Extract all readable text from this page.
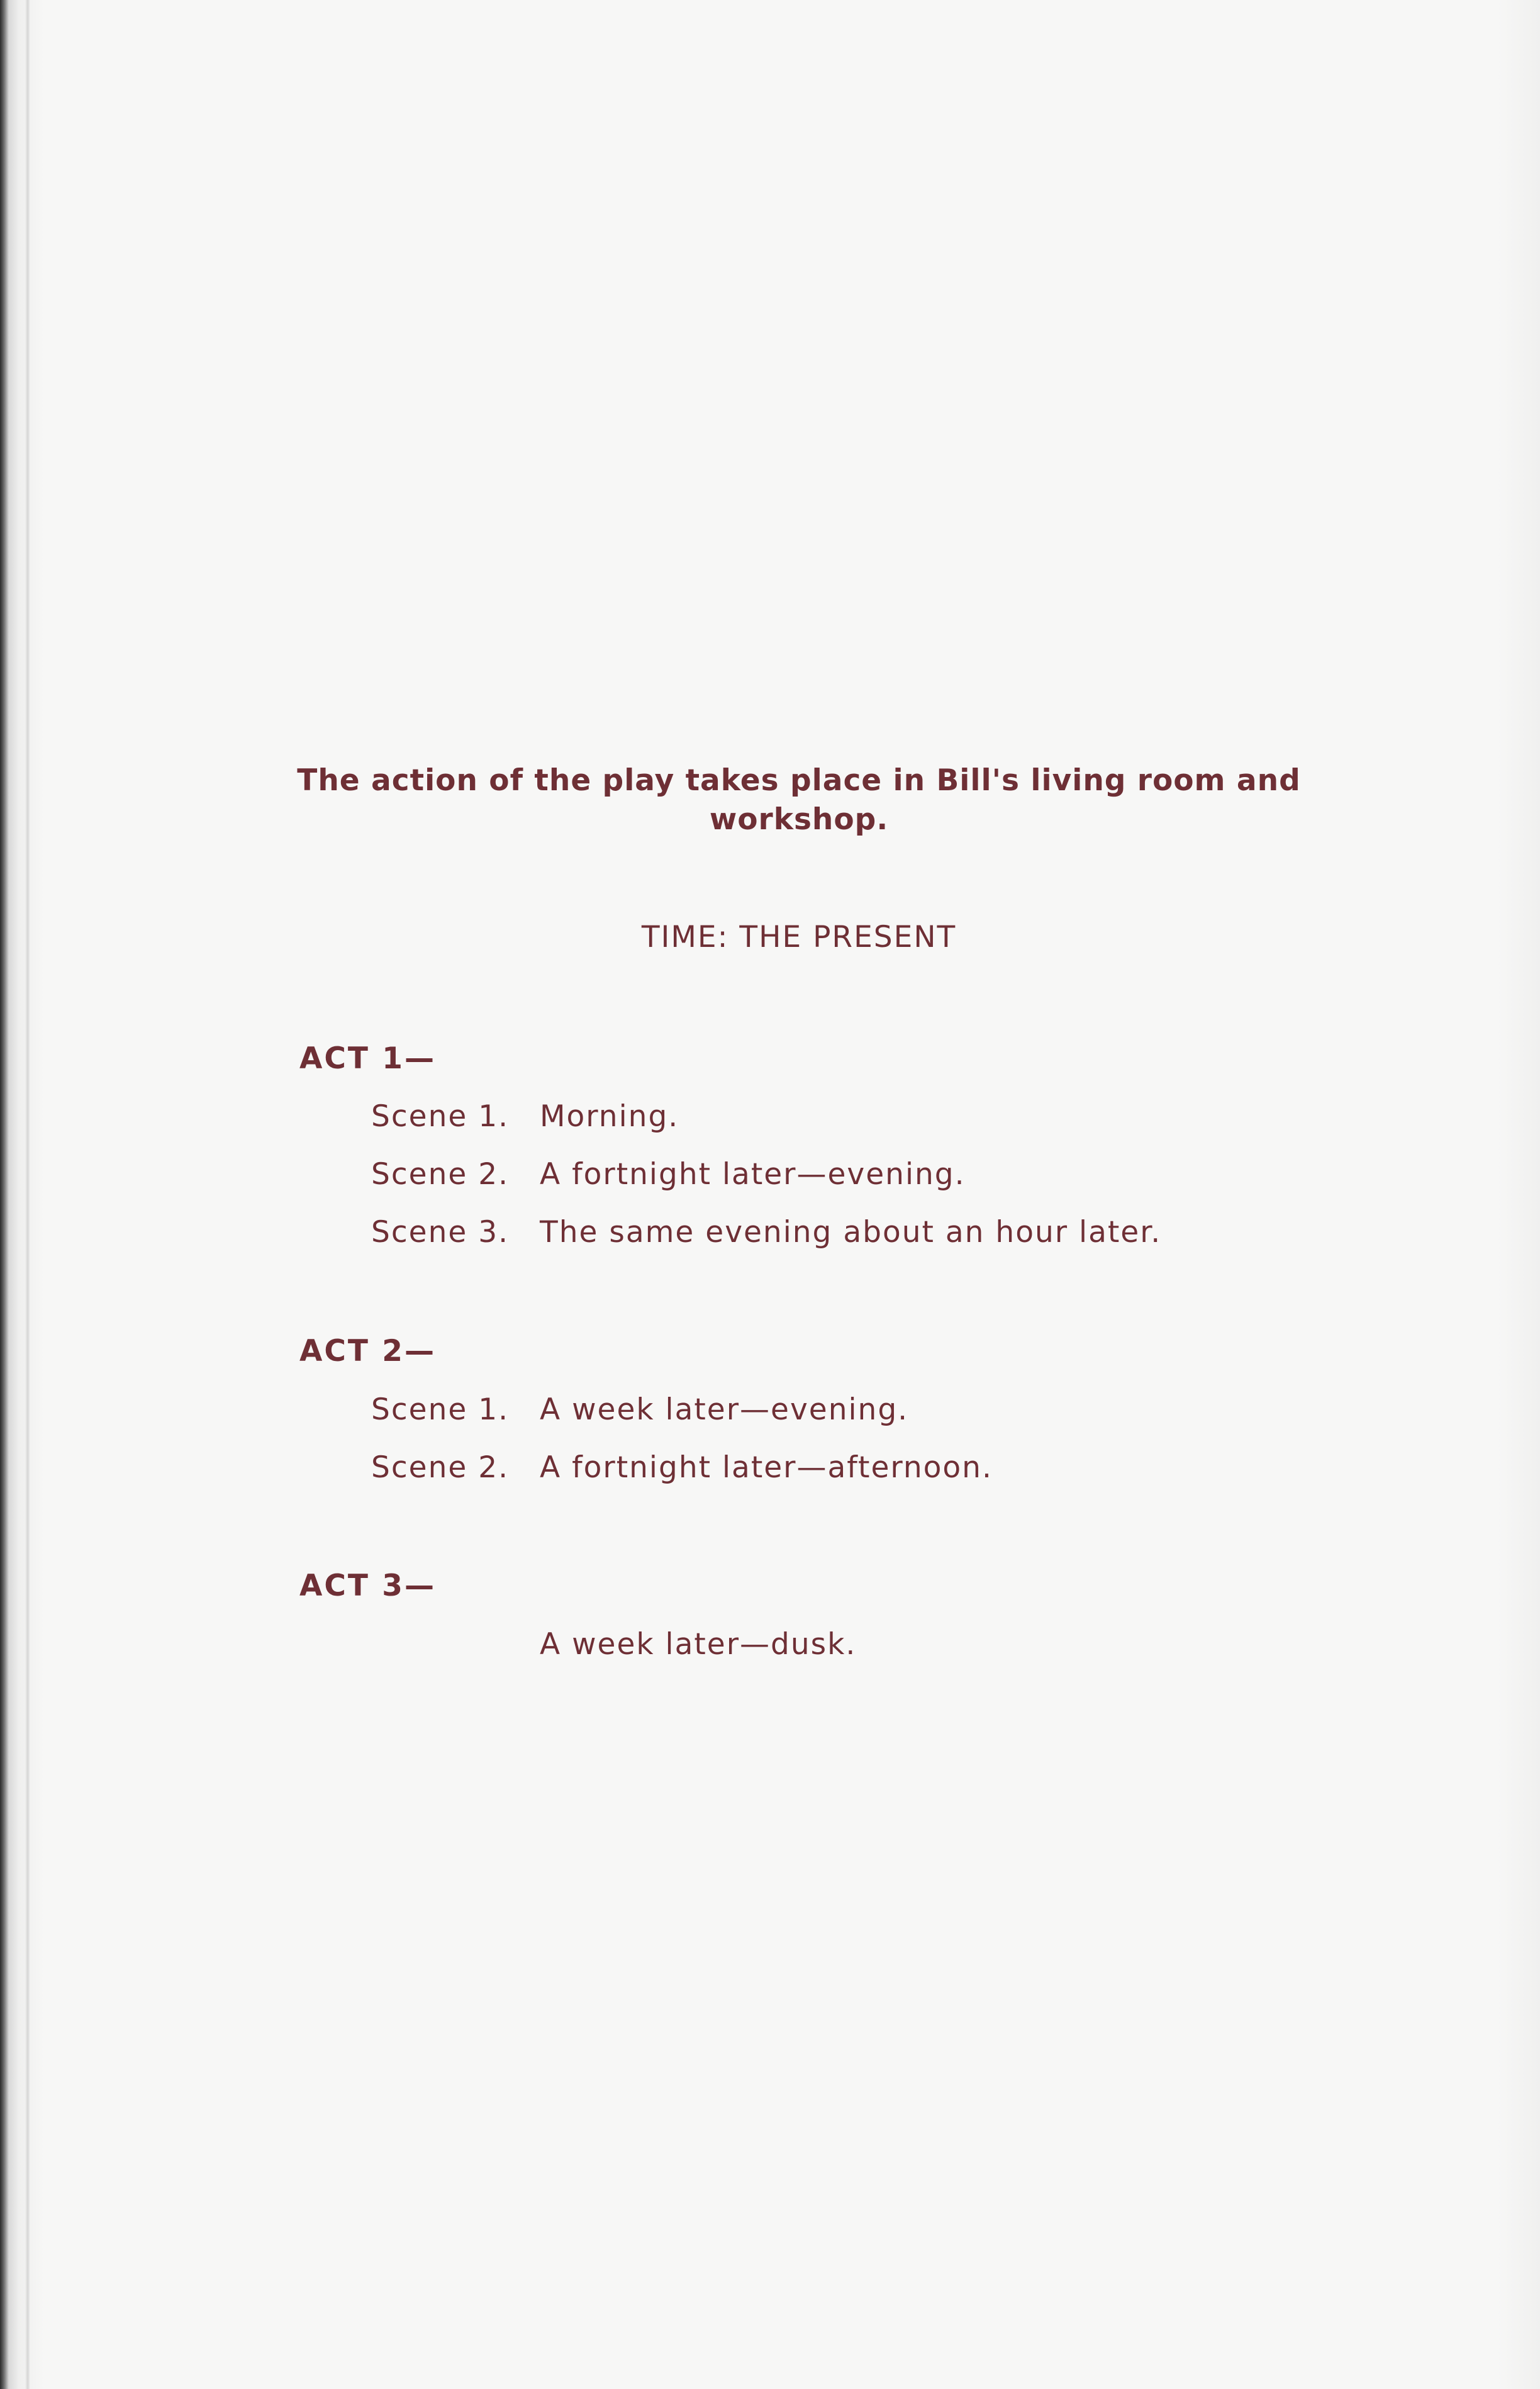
The action of the play takes place in Bill's living room and workshop.
TIME: THE PRESENT
ACT 1—
Scene 1. Morning.
Scene 2. A fortnight later—evening.
Scene 3. The same evening about an hour later.
ACT 2—
Scene 1. A week later—evening.
Scene 2. A fortnight later—afternoon.
ACT 3—
A week later—dusk.
